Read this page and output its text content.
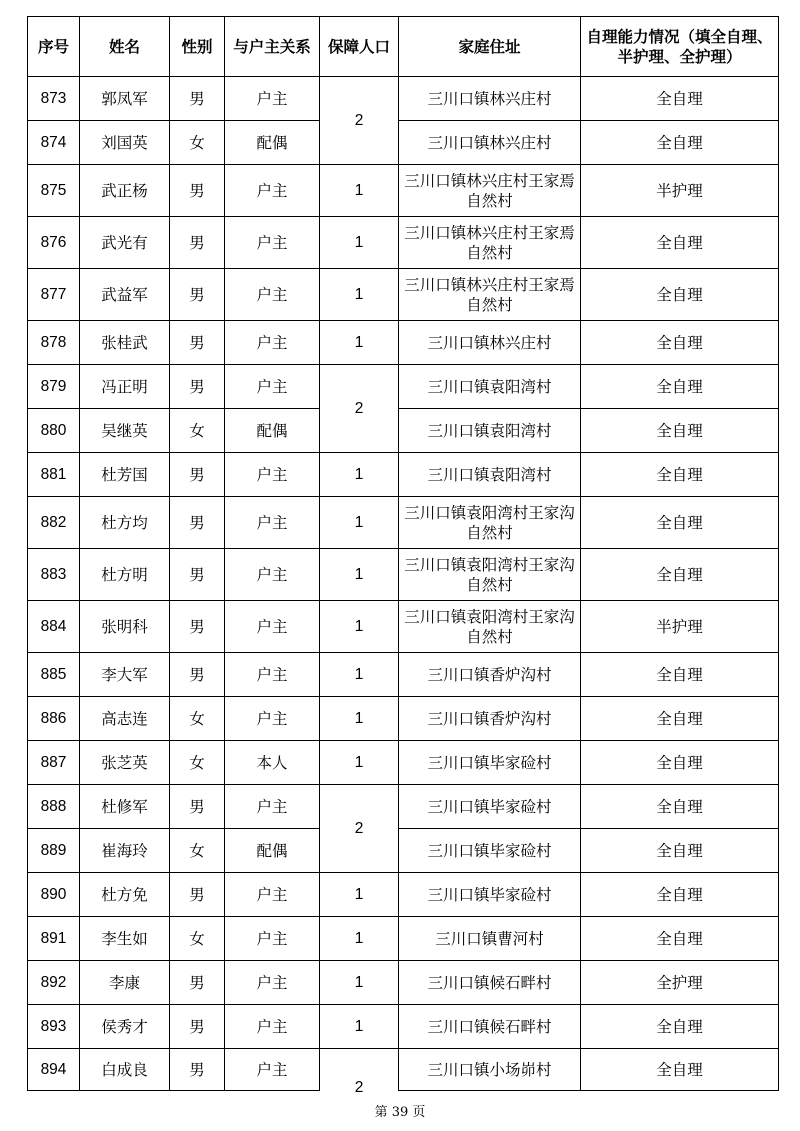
序号	姓名	性别	与户主关系	保障人口	家庭住址	自理能力情况（填全自理、半护理、全护理）
873	郭凤军	男	户主	2	三川口镇林兴庄村	全自理
874	刘国英	女	配偶		三川口镇林兴庄村	全自理
875	武正杨	男	户主	1	三川口镇林兴庄村王家焉自然村	半护理
876	武光有	男	户主	1	三川口镇林兴庄村王家焉自然村	全自理
877	武益军	男	户主	1	三川口镇林兴庄村王家焉自然村	全自理
878	张桂武	男	户主	1	三川口镇林兴庄村	全自理
879	冯正明	男	户主	2	三川口镇袁阳湾村	全自理
880	吴继英	女	配偶		三川口镇袁阳湾村	全自理
881	杜芳国	男	户主	1	三川口镇袁阳湾村	全自理
882	杜方均	男	户主	1	三川口镇袁阳湾村王家沟自然村	全自理
883	杜方明	男	户主	1	三川口镇袁阳湾村王家沟自然村	全自理
884	张明科	男	户主	1	三川口镇袁阳湾村王家沟自然村	半护理
885	李大军	男	户主	1	三川口镇香炉沟村	全自理
886	高志连	女	户主	1	三川口镇香炉沟村	全自理
887	张芝英	女	本人	1	三川口镇毕家硷村	全自理
888	杜修军	男	户主	2	三川口镇毕家硷村	全自理
889	崔海玲	女	配偶		三川口镇毕家硷村	全自理
890	杜方免	男	户主	1	三川口镇毕家硷村	全自理
891	李生如	女	户主	1	三川口镇曹河村	全自理
892	李康	男	户主	1	三川口镇候石畔村	全护理
893	侯秀才	男	户主	1	三川口镇候石畔村	全自理
894	白成良	男	户主	2	三川口镇小场峁村	全自理
第 39 页
